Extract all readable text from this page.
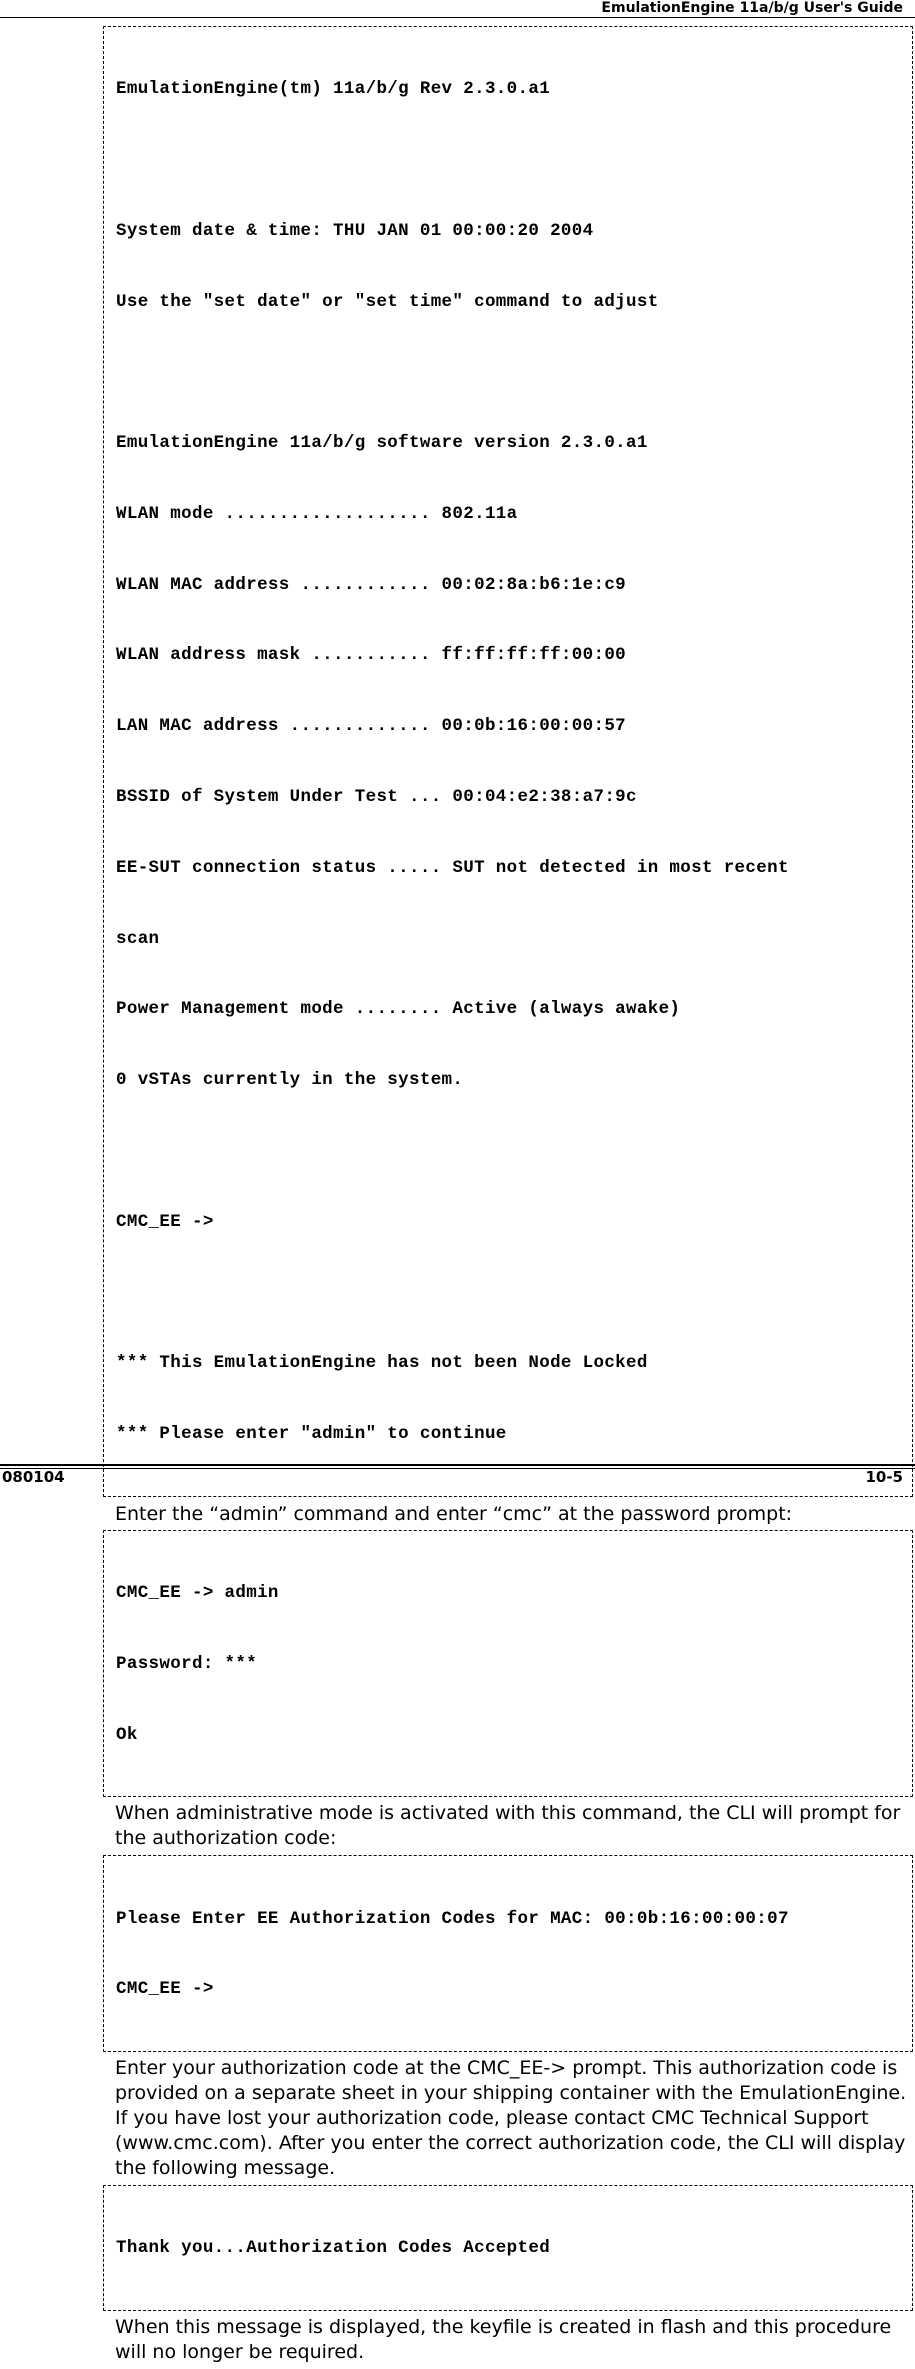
EmulationEngine 11a/b/g User's Guide

EmulationEngine(tm) 11a/b/g Rev 2.3.0.a1

System date & time: THU JAN 01 00:00:20 2004

Use the "set date" or "set time" command to adjust

EmulationEngine 11a/b/g software version 2.3.0.a1

WLAN mode ................... 802.11a

WLAN MAC address ............ 00:02:8a:b6:1e:c9

WLAN address mask ........... ff:ff:ff:ff:00:00

LAN MAC address ............. 00:0b:16:00:00:57

BSSID of System Under Test ... 00:04:e2:38:a7:9c

EE-SUT connection status ..... SUT not detected in most recent

scan

Power Management mode ........ Active (always awake)

0 vSTAs currently in the system.

CMC_EE ->

*** This EmulationEngine has not been Node Locked

*** Please enter "admin" to continue

Enter the “admin” command and enter “cmc” at the password prompt:

CMC_EE -> admin

Password: ***

Ok

When administrative mode is activated with this command, the CLI will prompt for the authorization code:

Please Enter EE Authorization Codes for MAC: 00:0b:16:00:00:07

CMC_EE ->

Enter your authorization code at the CMC_EE-> prompt. This authorization code is provided on a separate sheet in your shipping container with the EmulationEngine. If you have lost your authorization code, please contact CMC Technical Support (www.cmc.com). After you enter the correct authorization code, the CLI will display the following message.

Thank you...Authorization Codes Accepted

When this message is displayed, the keyfile is created in flash and this procedure will no longer be required.

080104	10-5
